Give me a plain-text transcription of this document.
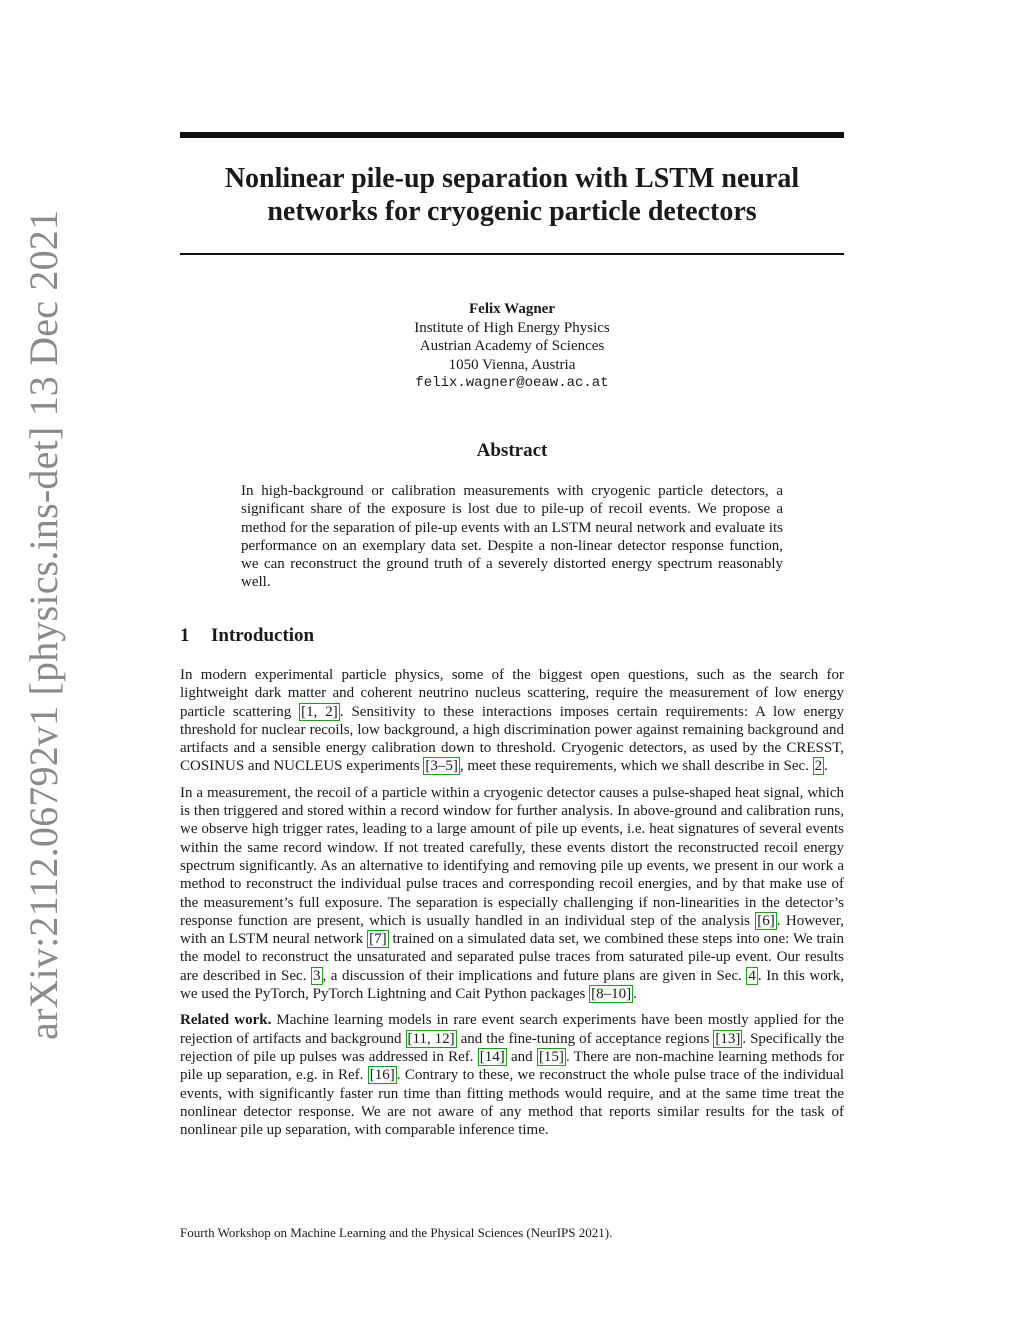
arXiv:2112.06792v1 [physics.ins-det] 13 Dec 2021
Nonlinear pile-up separation with LSTM neural
networks for cryogenic particle detectors
Felix Wagner
Institute of High Energy Physics
Austrian Academy of Sciences
1050 Vienna, Austria
felix.wagner@oeaw.ac.at
Abstract
In high-background or calibration measurements with cryogenic particle detectors, a significant share of the exposure is lost due to pile-up of recoil events. We propose a method for the separation of pile-up events with an LSTM neural network and evaluate its performance on an exemplary data set. Despite a non-linear detector response function, we can reconstruct the ground truth of a severely distorted energy spectrum reasonably well.
1 Introduction

In modern experimental particle physics, some of the biggest open questions, such as the search for lightweight dark matter and coherent neutrino nucleus scattering, require the measurement of low energy particle scattering [1, 2] . Sensitivity to these interactions imposes certain requirements: A low energy threshold for nuclear recoils, low background, a high discrimination power against remaining background and artifacts and a sensible energy calibration down to threshold. Cryogenic detectors, as used by the CRESST, COSINUS and NUCLEUS experiments [3–5] , meet these requirements, which we shall describe in Sec. 2 .

In a measurement, the recoil of a particle within a cryogenic detector causes a pulse-shaped heat signal, which is then triggered and stored within a record window for further analysis. In above-ground and calibration runs, we observe high trigger rates, leading to a large amount of pile up events, i.e. heat signatures of several events within the same record window. If not treated carefully, these events distort the reconstructed recoil energy spectrum significantly. As an alternative to identifying and removing pile up events, we present in our work a method to reconstruct the individual pulse traces and corresponding recoil energies, and by that make use of the measurement’s full exposure. The separation is especially challenging if non-linearities in the detector’s response function are present, which is usually handled in an individual step of the analysis [6] . However, with an LSTM neural network [7] trained on a simulated data set, we combined these steps into one: We train the model to reconstruct the unsaturated and separated pulse traces from saturated pile-up event. Our results are described in Sec. 3 , a discussion of their implications and future plans are given in Sec. 4 . In this work, we used the PyTorch, PyTorch Lightning and Cait Python packages [8–10] .

Related work. Machine learning models in rare event search experiments have been mostly applied for the rejection of artifacts and background [11, 12] and the fine-tuning of acceptance regions [13] . Specifically the rejection of pile up pulses was addressed in Ref. [14] and [15] . There are non-machine learning methods for pile up separation, e.g. in Ref. [16] . Contrary to these, we reconstruct the whole pulse trace of the individual events, with significantly faster run time than fitting methods would require, and at the same time treat the nonlinear detector response. We are not aware of any method that reports similar results for the task of nonlinear pile up separation, with comparable inference time.

Fourth Workshop on Machine Learning and the Physical Sciences (NeurIPS 2021).
